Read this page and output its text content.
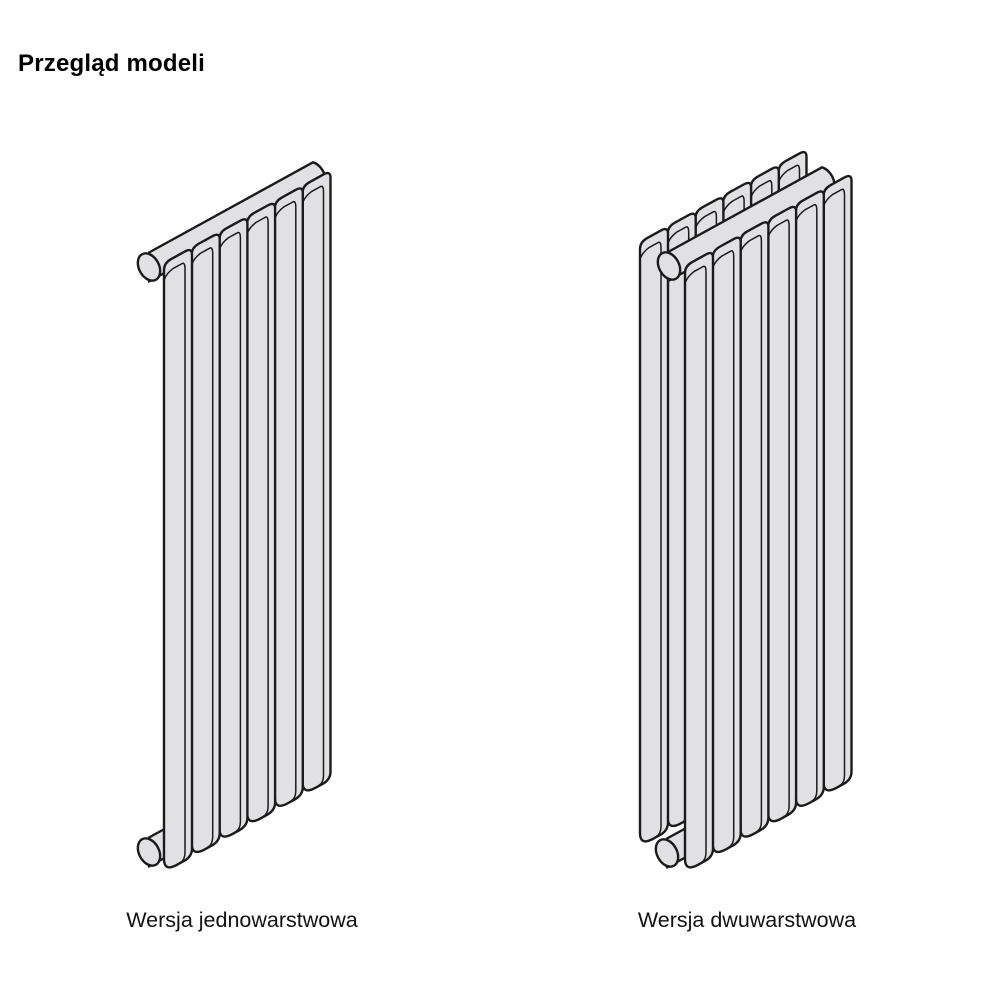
Przegląd modeli
Wersja jednowarstwowa	Wersja dwuwarstwowa
